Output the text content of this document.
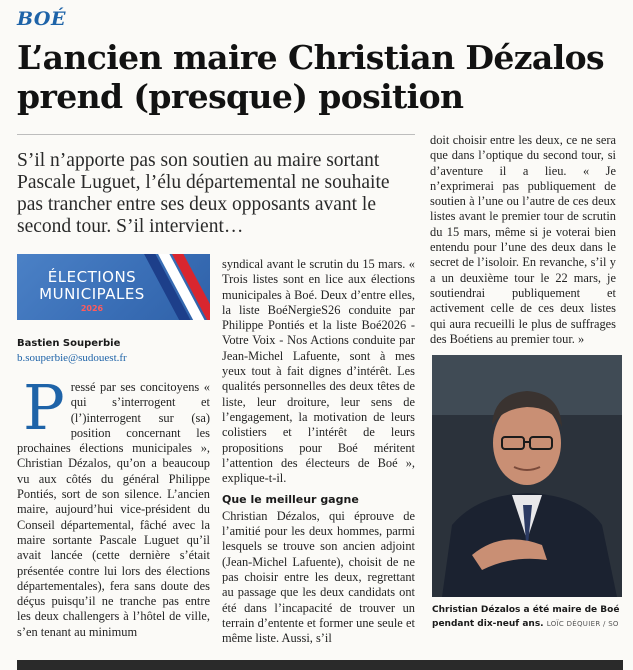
BOÉ
L’ancien maire Christian Dézalos prend (presque) position
S’il n’apporte pas son soutien au maire sortant Pascale Luguet, l’élu départemental ne souhaite pas trancher entre ses deux opposants avant le second tour. S’il intervient…
ÉLECTIONS
MUNICIPALES
2026
Bastien Souperbie
b.souperbie@sudouest.fr
P ressé par ses concitoyens « qui s’interrogent et (l’)interrogent sur (sa) position concernant les prochaines élections municipales », Christian Dézalos, qu’on a beaucoup vu aux côtés du général Philippe Pontiés, sort de son silence. L’ancien maire, aujourd’hui vice-président du Conseil départemental, fâché avec la maire sortante Pascale Luguet qu’il avait lancée (cette dernière s’était présentée contre lui lors des élections départementales), fera sans doute des déçus puisqu’il ne tranche pas entre les deux challengers à l’hôtel de ville, s’en tenant au minimum
syndical avant le scrutin du 15 mars. « Trois listes sont en lice aux élections municipales à Boé. Deux d’entre elles, la liste BoéNergieS26 conduite par Philippe Pontiés et la liste Boé2026 - Votre Voix - Nos Actions conduite par Jean-Michel Lafuente, sont à mes yeux tout à fait dignes d’intérêt. Les qualités personnelles des deux têtes de liste, leur droiture, leur sens de l’engagement, la motivation de leurs colistiers et l’intérêt de leurs propositions pour Boé méritent l’attention des électeurs de Boé », explique-t-il.
Que le meilleur gagne
Christian Dézalos, qui éprouve de l’amitié pour les deux hommes, parmi lesquels se trouve son ancien adjoint (Jean-Michel Lafuente), choisit de ne pas choisir entre les deux, regrettant au passage que les deux candidats ont été dans l’incapacité de trouver un terrain d’entente et former une seule et même liste. Aussi, s’il
doit choisir entre les deux, ce ne sera que dans l’optique du second tour, si d’aventure il a lieu. « Je n’exprimerai pas publiquement de soutien à l’une ou l’autre de ces deux listes avant le premier tour de scrutin du 15 mars, même si je voterai bien entendu pour l’une des deux dans le secret de l’isoloir. En revanche, s’il y a un deuxième tour le 22 mars, je soutiendrai publiquement et activement celle de ces deux listes qui aura recueilli le plus de suffrages des Boétiens au premier tour. »
Christian Dézalos a été maire de Boé pendant dix-neuf ans. LOÏC DÉQUIER / SO
